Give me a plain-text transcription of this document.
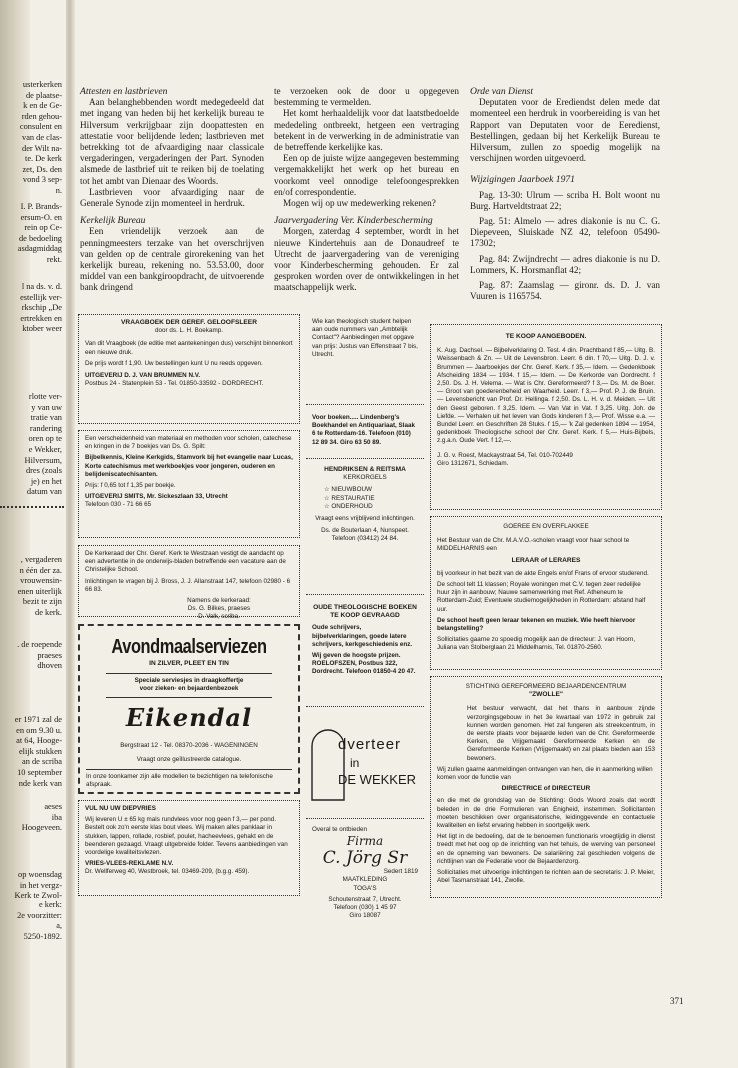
usterkerken
de plaatse-
k en de Ge-
rden gehou-
consulent en
van de clas-
der Wilt na-
te. De kerk
zet, Ds. den
vond 3 sep-
n.
I. P. Brands-
ersum-O. en
rein op Ce-
de bedoeling
asdagmiddag
rekt.
l na ds. v. d.
estellijk ver-
rkschip „De
ertrekken en
ktober weer
rlotte ver-
y van uw
tratie van
randering
oren op te
e Wekker,
Hilversum,
dres (zoals
je) en het
datum van
, vergaderen
n één der za.
vrouwensin-
enen uiterlijk
bezit te zijn
de kerk.
. de roepende
praeses
dhoven
er 1971 zal de
en om 9.30 u.
at 64, Hooge-
elijk stukken
an de scriba
10 september
nde kerk van
aeses
iba
Hoogeveen.
op woensdag
in het vergz-
Kerk te Zwol-
e kerk:
2e voorzitter:
a,
5250-1892.
Attesten en lastbrieven

Aan belanghebbenden wordt medegedeeld dat met ingang van heden bij het kerkelijk bureau te Hilversum verkrijgbaar zijn doopattesten en attestatie voor belijdende leden; lastbrieven met betrekking tot de afvaardiging naar classicale vergaderingen, vergaderingen der Part. Synoden alsmede de lastbrief uit te reiken bij de toelating tot het ambt van Dienaar des Woords.

Lastbrieven voor afvaardiging naar de Generale Synode zijn momenteel in herdruk.

Kerkelijk Bureau

Een vriendelijk verzoek aan de penningmeesters terzake van het overschrijven van gelden op de centrale girorekening van het kerkelijk bureau, rekening no. 53.53.00, door middel van een bankgiroopdracht, de uitvoerende bank dringend

te verzoeken ook de door u opgegeven bestemming te vermelden.

Het komt herhaaldelijk voor dat laatstbedoelde mededeling ontbreekt, hetgeen een vertraging betekent in de verwerking in de administratie van de betreffende kerkelijke kas.

Een op de juiste wijze aangegeven bestemming vergemakkelijkt het werk op het bureau en voorkomt veel onnodige telefoongesprekken en/of correspondentie.

Mogen wij op uw medewerking rekenen?

Jaarvergadering Ver. Kinderbescherming

Morgen, zaterdag 4 september, wordt in het nieuwe Kindertehuis aan de Donaudreef te Utrecht de jaarvergadering van de vereniging voor Kinderbescherming gehouden. Er zal gesproken worden over de ontwikkelingen in het maatschappelijk werk.

Orde van Dienst

Deputaten voor de Erediendst delen mede dat momenteel een herdruk in voorbereiding is van het Rapport van Deputaten voor de Eeredienst, Bestellingen, gedaan bij het Kerkelijk Bureau te Hilversum, zullen zo spoedig mogelijk na verschijnen worden uitgevoerd.

Wijzigingen Jaarboek 1971

Pag. 13-30: Ulrum — scriba H. Bolt woont nu Burg. Hartveldtstraat 22;

Pag. 51: Almelo — adres diakonie is nu C. G. Diepeveen, Sluiskade NZ 42, telefoon 05490-17302;

Pag. 84: Zwijndrecht — adres diakonie is nu D. Lommers, K. Horsmanflat 42;

Pag. 87: Zaamslag — gironr. ds. D. J. van Vuuren is 1165754.

VRAAGBOEK DER GEREF. GELOOFSLEER
door ds. L. H. Boekamp.

Van dit Vraagboek (de editie met aantekeningen dus) verschijnt binnenkort een nieuwe druk.

De prijs wordt f 1,90. Uw bestellingen kunt U nu reeds opgeven.

UITGEVERIJ D. J. VAN BRUMMEN N.V.
Postbus 24 - Statenplein 53 - Tel. 01850-33592 - DORDRECHT.

Een verscheidenheid van materiaal en methoden voor scholen, catechese en kringen in de 7 boekjes van Ds. G. Spilt:

Bijbelkennis, Kleine Kerkgids, Stamvork bij het evangelie naar Lucas, Korte catechismus met werkboekjes voor jongeren, ouderen en belijdeniscatechisanten.

Prijs: f 0,65 tot f 1,35 per boekje.

UITGEVERIJ SMITS, Mr. Sickeszlaan 33, Utrecht
Telefoon 030 - 71 66 65

De Kerkeraad der Chr. Geref. Kerk te Westzaan vestigt de aandacht op een advertentie in de onderwijs-bladen betreffende een vacature aan de Christelijke School.

Inlichtingen te vragen bij J. Bross, J. J. Allanstraat 147, telefoon 02980 - 6 66 83.

Namens de kerkeraad:
Ds. G. Bilkes, praeses
D. Valk, scriba.
Avondmaalserviezen
IN ZILVER, PLEET EN TIN
Speciale serviesjes in draagkoffertje
voor zieken- en bejaardenbezoek
Eikendal
Bergstraat 12 - Tel. 08370-2036 - WAGENINGEN
Vraagt onze geïllustreerde catalogue.
In onze toonkamer zijn alle modellen te bezichtigen na telefonische afspraak.
VUL NU UW DIEPVRIES

Wij leveren U ± 65 kg mals rundvlees voor nog geen f 3,— per pond. Bestelt ook zo'n eerste klas bout vlees. Wij maken alles panklaar in stukken, lappen, rollade, rosbief, poulet, hacheevlees, gehakt en de beenderen gezaagd. Vraagt uitgebreide folder. Tevens aanbiedingen van voordelige kwaliteitsvlezen.

VRIES-VLEES-REKLAME N.V.
Dr. Wellferweg 40, Westbroek, tel. 03469-209, (b.g.g. 459).

Wie kan theologisch student helpen aan oude nummers van „Ambtelijk Contact"? Aanbiedingen met opgave van prijs: Justus van Effenstraat 7 bis, Utrecht.

Voor boeken..... Lindenberg's Boekhandel en Antiquariaat, Slaak 6 te Rotterdam-16. Telefoon (010) 12 89 34. Giro 63 50 89.

HENDRIKSEN & REITSMA
KERKORGELS
☆ NIEUWBOUW
☆ RESTAURATIE
☆ ONDERHOUD
Vraagt eens vrijblijvend inlichtingen.
Ds. de Bouterlaan 4, Nunspeet. Telefoon (03412) 24 84.
OUDE THEOLOGISCHE BOEKEN TE KOOP GEVRAAGD

Oude schrijvers, bijbelverklaringen, goede latere schrijvers, kerkgeschiedenis enz.

Wij geven de hoogste prijzen. ROELOFSZEN, Postbus 322, Dordrecht. Telefoon 01850-4 20 47.

dverteer
in
DE WEKKER
Overal te ontbieden
Firma
C. Jörg Sr
Sedert 1819
MAATKLEDING
TOGA'S
Schoutenstraat 7, Utrecht.
Telefoon (030) 1 45 97
Giro 18087
TE KOOP AANGEBODEN.

K. Aug. Dachsel. — Bijbelverklaring O. Test. 4 din. Prachtband f 85,— Uitg. B. Weissenbach & Zn. — Uit de Levensbron. Leerr. 6 din. f 70,— Uitg. D. J. v. Brummen — Jaarboekjes der Chr. Geref. Kerk. f 35,— Idem. — Gedenkboek Afscheiding 1834 — 1934. f 15,— Idem. — De Kerkorde van Dordrecht. f 2,50. Ds. J. H. Velema. — Wat is Chr. Gereformeerd? f 3,— Ds. M. de Boer. — Groot van goederenbeheid en Waarheid. Leerr. f 3,— Prof. P. J. de Bruin. — Levensbericht van Prof. Dr. Hellinga. f 2,50. Ds. L. H. v. d. Meiden. — Uit den Geest geboren. f 3,25. Idem. — Van Vat in Vat. f 3,25. Uitg. Joh. de Liefde. — Verhalen uit het leven van Gods kinderen f 3,— Prof. Wisse e.a. — Bundel Leerr. en Geschriften 28 Stuks. f 15,— 'k Zal gedenken 1894 — 1954, gedenkboek Theologische school der Chr. Geref. Kerk. f 5,— Huis-Bijbels, z.g.a.n. Oude Vert. f 12,—.

J. G. v. Roest, Mackaystraat 54, Tel. 010-702449
Giro 1312671, Schiedam.
GOEREE EN OVERFLAKKEE

Het Bestuur van de Chr. M.A.V.O.-scholen vraagt voor haar school te MIDDELHARNIS een

LERAAR of LERARES

bij voorkeur in het bezit van de akte Engels en/of Frans of ervoor studerend.

De school telt 11 klassen; Royale woningen met C.V. tegen zeer redelijke huur zijn in aanbouw; Nauwe samenwerking met Ref. Atheneum te Rotterdam-Zuid; Eventuele studiemogelijkheden in Rotterdam: afstand half uur.

De school heeft geen leraar tekenen en muziek. Wie heeft hiervoor belangstelling?

Sollicitaties gaarne zo spoedig mogelijk aan de directeur: J. van Hoorn, Juliana van Stolberglaan 21 Middelharnis, Tel. 01870-2560.

STICHTING GEREFORMEERD BEJAARDENCENTRUM
"ZWOLLE"

Het bestuur verwacht, dat het thans in aanbouw zijnde verzorgingsgebouw in het 3e kwartaal van 1972 in gebruik zal kunnen worden genomen. Het zal fungeren als streekcentrum, in de eerste plaats voor bejaarde leden van de Chr. Gereformeerde Kerken, de Vrijgemaakt Gereformeerde Kerken en de Gereformeerde Kerken (Vrijgemaakt) en zal plaats bieden aan 153 bewoners.

Wij zullen gaarne aanmeldingen ontvangen van hen, die in aanmerking willen komen voor de functie van

DIRECTRICE of DIRECTEUR

en die met de grondslag van de Stichting: Gods Woord zoals dat wordt beleden in de drie Formulieren van Enigheid, instemmen. Sollicitanten moeten beschikken over organisatorische, leidinggevende en contactuele kwaliteiten en liefst ervaring hebben in soortgelijk werk.

Het ligt in de bedoeling, dat de te benoemen functionaris vroegtijdig in dienst treedt met het oog op de inrichting van het tehuis, de werving van personeel en de opneming van bewoners. De salariëring zal geschieden volgens de richtlijnen van de Federatie voor de Bejaardenzorg.

Sollicitaties met uitvoerige inlichtingen te richten aan de secretaris: J. P. Meier, Abel Tasmanstraat 141, Zwolle.

371
